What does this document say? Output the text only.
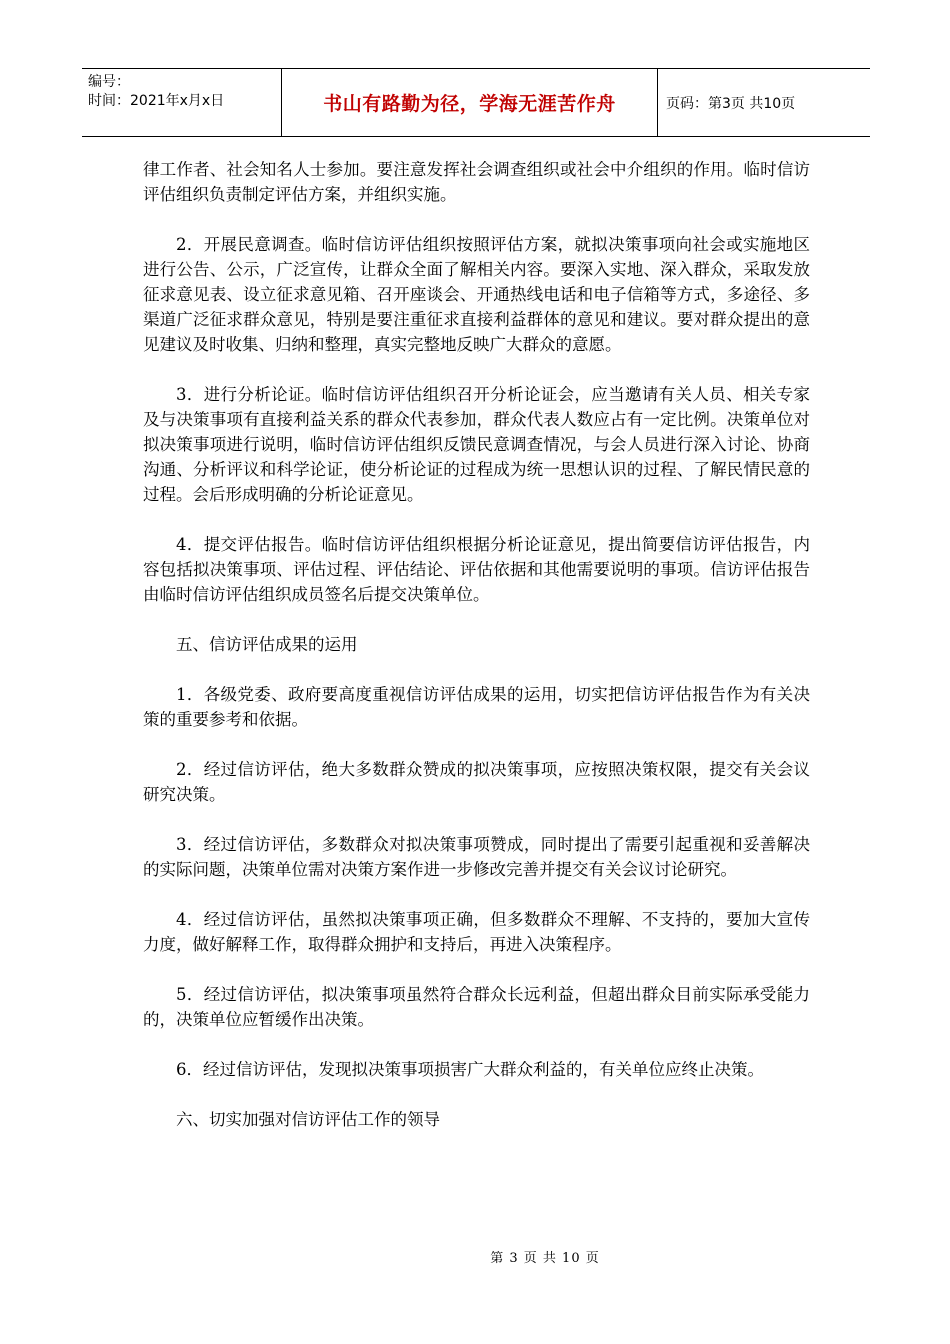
编号：
时间：2021年x月x日	书山有路勤为径，学海无涯苦作舟	页码：第3页 共10页

律工作者、社会知名人士参加。要注意发挥社会调查组织或社会中介组织的作用。临时信访评估组织负责制定评估方案，并组织实施。

2．开展民意调查。临时信访评估组织按照评估方案，就拟决策事项向社会或实施地区进行公告、公示，广泛宣传，让群众全面了解相关内容。要深入实地、深入群众，采取发放征求意见表、设立征求意见箱、召开座谈会、开通热线电话和电子信箱等方式，多途径、多渠道广泛征求群众意见，特别是要注重征求直接利益群体的意见和建议。要对群众提出的意见建议及时收集、归纳和整理，真实完整地反映广大群众的意愿。

3．进行分析论证。临时信访评估组织召开分析论证会，应当邀请有关人员、相关专家及与决策事项有直接利益关系的群众代表参加，群众代表人数应占有一定比例。决策单位对拟决策事项进行说明，临时信访评估组织反馈民意调查情况，与会人员进行深入讨论、协商沟通、分析评议和科学论证，使分析论证的过程成为统一思想认识的过程、了解民情民意的过程。会后形成明确的分析论证意见。

4．提交评估报告。临时信访评估组织根据分析论证意见，提出简要信访评估报告，内容包括拟决策事项、评估过程、评估结论、评估依据和其他需要说明的事项。信访评估报告由临时信访评估组织成员签名后提交决策单位。

五、信访评估成果的运用

1．各级党委、政府要高度重视信访评估成果的运用，切实把信访评估报告作为有关决策的重要参考和依据。

2．经过信访评估，绝大多数群众赞成的拟决策事项，应按照决策权限，提交有关会议研究决策。

3．经过信访评估，多数群众对拟决策事项赞成，同时提出了需要引起重视和妥善解决的实际问题，决策单位需对决策方案作进一步修改完善并提交有关会议讨论研究。

4．经过信访评估，虽然拟决策事项正确，但多数群众不理解、不支持的，要加大宣传力度，做好解释工作，取得群众拥护和支持后，再进入决策程序。

5．经过信访评估，拟决策事项虽然符合群众长远利益，但超出群众目前实际承受能力的，决策单位应暂缓作出决策。

6．经过信访评估，发现拟决策事项损害广大群众利益的，有关单位应终止决策。

六、切实加强对信访评估工作的领导

第 3 页 共 10 页
